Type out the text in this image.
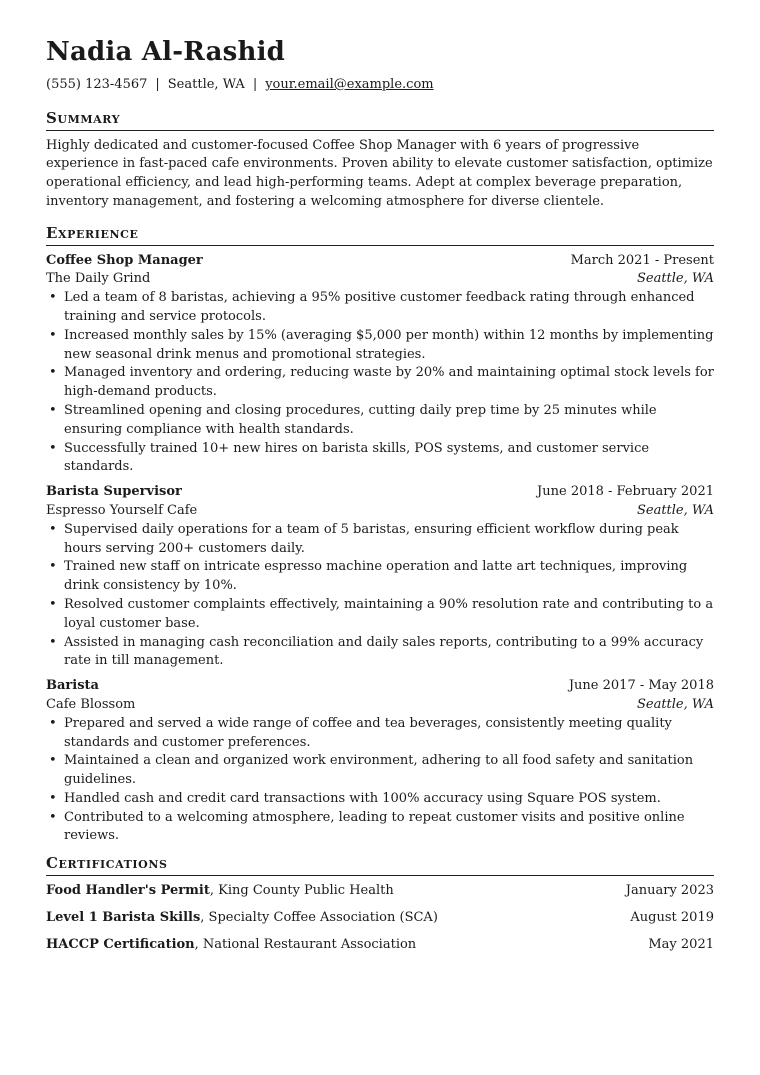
Nadia Al-Rashid
(555) 123-4567 | Seattle, WA | your.email@example.com
Summary

Highly dedicated and customer-focused Coffee Shop Manager with 6 years of progressive experience in fast-paced cafe environments. Proven ability to elevate customer satisfaction, optimize operational efficiency, and lead high-performing teams. Adept at complex beverage preparation, inventory management, and fostering a welcoming atmosphere for diverse clientele.

Experience
Coffee Shop Manager	March 2021 - Present
The Daily Grind	Seattle, WA
• Led a team of 8 baristas, achieving a 95% positive customer feedback rating through enhanced training and service protocols.
• Increased monthly sales by 15% (averaging $5,000 per month) within 12 months by implementing new seasonal drink menus and promotional strategies.
• Managed inventory and ordering, reducing waste by 20% and maintaining optimal stock levels for high-demand products.
• Streamlined opening and closing procedures, cutting daily prep time by 25 minutes while ensuring compliance with health standards.
• Successfully trained 10+ new hires on barista skills, POS systems, and customer service standards.
Barista Supervisor	June 2018 - February 2021
Espresso Yourself Cafe	Seattle, WA
• Supervised daily operations for a team of 5 baristas, ensuring efficient workflow during peak hours serving 200+ customers daily.
• Trained new staff on intricate espresso machine operation and latte art techniques, improving drink consistency by 10%.
• Resolved customer complaints effectively, maintaining a 90% resolution rate and contributing to a loyal customer base.
• Assisted in managing cash reconciliation and daily sales reports, contributing to a 99% accuracy rate in till management.
Barista	June 2017 - May 2018
Cafe Blossom	Seattle, WA
• Prepared and served a wide range of coffee and tea beverages, consistently meeting quality standards and customer preferences.
• Maintained a clean and organized work environment, adhering to all food safety and sanitation guidelines.
• Handled cash and credit card transactions with 100% accuracy using Square POS system.
• Contributed to a welcoming atmosphere, leading to repeat customer visits and positive online reviews.
Certifications
Food Handler's Permit, King County Public Health	January 2023
Level 1 Barista Skills, Specialty Coffee Association (SCA)	August 2019
HACCP Certification, National Restaurant Association	May 2021
